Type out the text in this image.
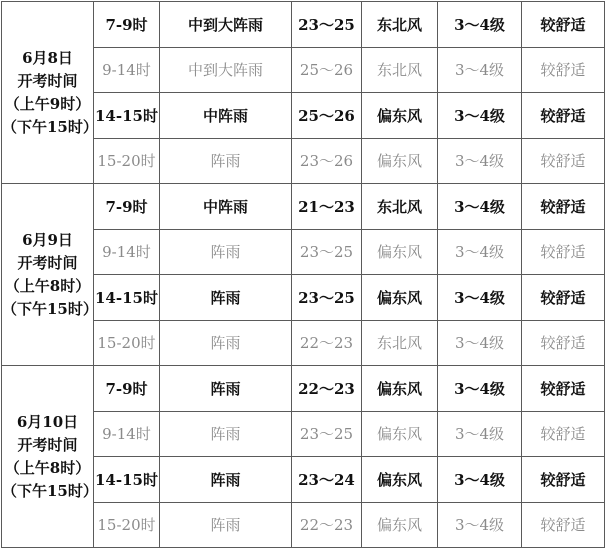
6月8日
开考时间
（上午9时）
（下午15时）	7-9时	中到大阵雨	23～25	东北风	3～4级	较舒适
	9-14时	中到大阵雨	25～26	东北风	3～4级	较舒适
	14-15时	中阵雨	25～26	偏东风	3～4级	较舒适
	15-20时	阵雨	23～26	偏东风	3～4级	较舒适

6月9日
开考时间
（上午8时）
（下午15时）	7-9时	中阵雨	21～23	东北风	3～4级	较舒适
	9-14时	阵雨	23～25	偏东风	3～4级	较舒适
	14-15时	阵雨	23～25	偏东风	3～4级	较舒适
	15-20时	阵雨	22～23	东北风	3～4级	较舒适

6月10日
开考时间
（上午8时）
（下午15时）	7-9时	阵雨	22～23	偏东风	3～4级	较舒适
	9-14时	阵雨	23～25	偏东风	3～4级	较舒适
	14-15时	阵雨	23～24	偏东风	3～4级	较舒适
	15-20时	阵雨	22～23	偏东风	3～4级	较舒适
